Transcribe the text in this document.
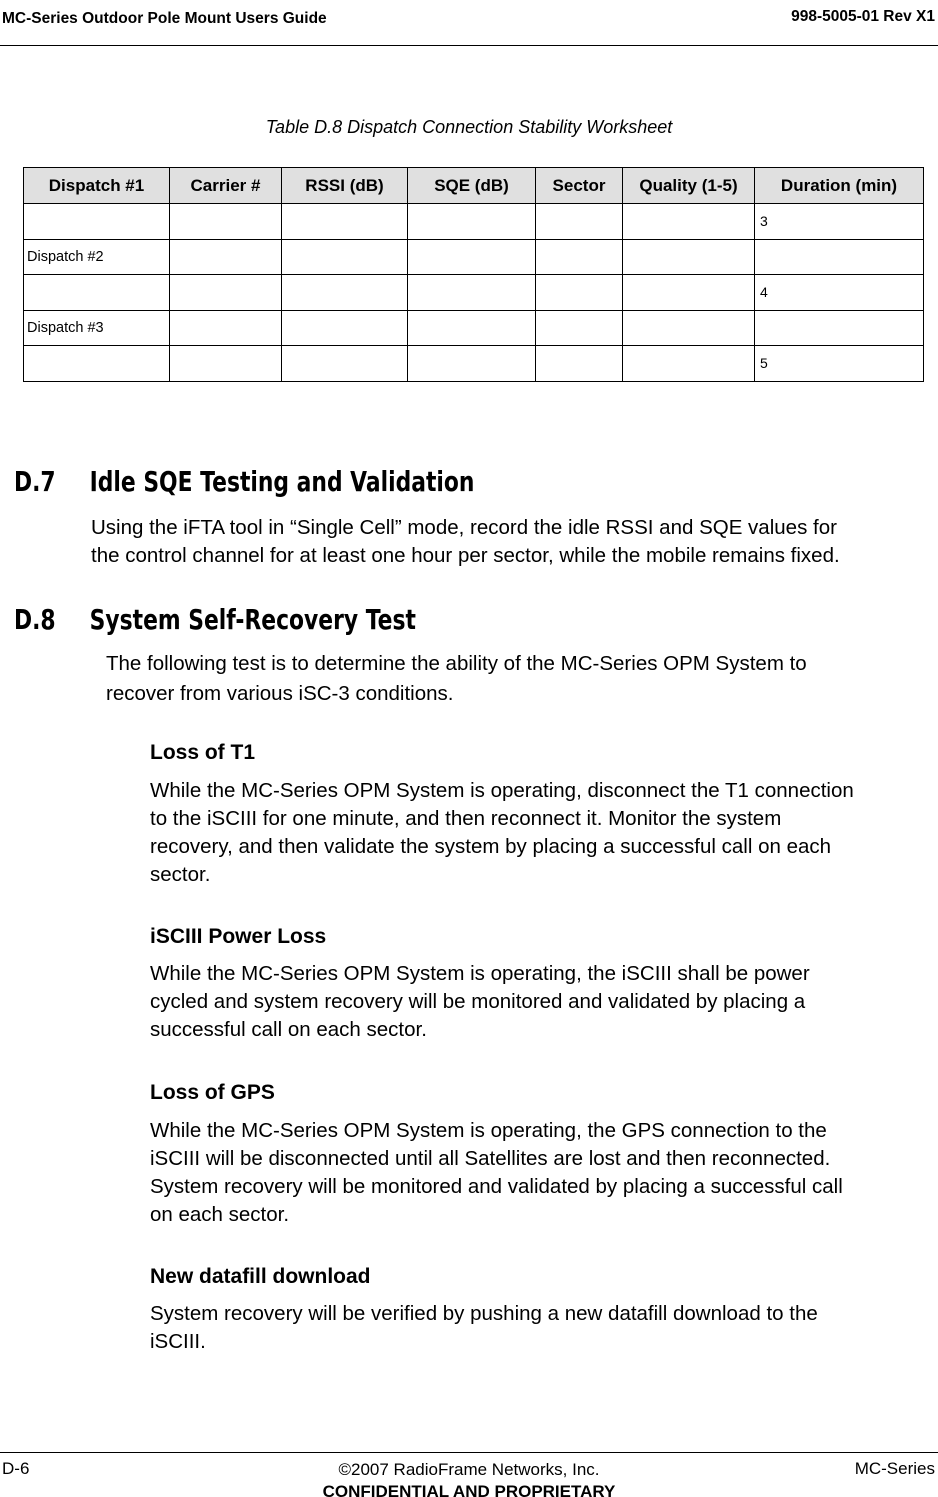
MC-Series Outdoor Pole Mount Users Guide	998-5005-01 Rev X1
Table D.8 Dispatch Connection Stability Worksheet
Dispatch #1	Carrier #	RSSI (dB)	SQE (dB)	Sector	Quality (1-5)	Duration (min)
						3
Dispatch #2						
						4
Dispatch #3						
						5
D.7 Idle SQE Testing and Validation
Using the iFTA tool in “Single Cell” mode, record the idle RSSI and SQE values for
the control channel for at least one hour per sector, while the mobile remains fixed.
D.8 System Self-Recovery Test
The following test is to determine the ability of the MC-Series OPM System to
recover from various iSC-3 conditions.
Loss of T1
While the MC-Series OPM System is operating, disconnect the T1 connection
to the iSCIII for one minute, and then reconnect it. Monitor the system
recovery, and then validate the system by placing a successful call on each
sector.
iSCIII Power Loss
While the MC-Series OPM System is operating, the iSCIII shall be power
cycled and system recovery will be monitored and validated by placing a
successful call on each sector.
Loss of GPS
While the MC-Series OPM System is operating, the GPS connection to the
iSCIII will be disconnected until all Satellites are lost and then reconnected.
System recovery will be monitored and validated by placing a successful call
on each sector.
New datafill download
System recovery will be verified by pushing a new datafill download to the
iSCIII.
D-6	©2007 RadioFrame Networks, Inc.
CONFIDENTIAL AND PROPRIETARY
MC-Series
